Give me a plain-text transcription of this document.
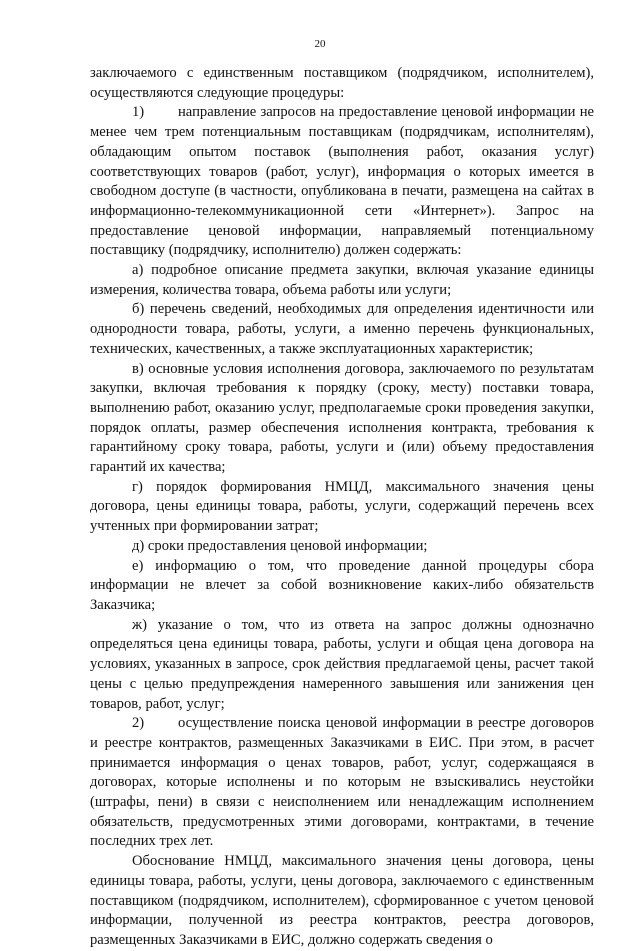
20

заключаемого с единственным поставщиком (подрядчиком, исполнителем), осуществляются следующие процедуры:

1) направление запросов на предоставление ценовой информации не менее чем трем потенциальным поставщикам (подрядчикам, исполнителям), обладающим опытом поставок (выполнения работ, оказания услуг) соответствующих товаров (работ, услуг), информация о которых имеется в свободном доступе (в частности, опубликована в печати, размещена на сайтах в информационно-телекоммуникационной сети «Интернет»). Запрос на предоставление ценовой информации, направляемый потенциальному поставщику (подрядчику, исполнителю) должен содержать:

а) подробное описание предмета закупки, включая указание единицы измерения, количества товара, объема работы или услуги;

б) перечень сведений, необходимых для определения идентичности или однородности товара, работы, услуги, а именно перечень функциональных, технических, качественных, а также эксплуатационных характеристик;

в) основные условия исполнения договора, заключаемого по результатам закупки, включая требования к порядку (сроку, месту) поставки товара, выполнению работ, оказанию услуг, предполагаемые сроки проведения закупки, порядок оплаты, размер обеспечения исполнения контракта, требования к гарантийному сроку товара, работы, услуги и (или) объему предоставления гарантий их качества;

г) порядок формирования НМЦД, максимального значения цены договора, цены единицы товара, работы, услуги, содержащий перечень всех учтенных при формировании затрат;

д) сроки предоставления ценовой информации;

е) информацию о том, что проведение данной процедуры сбора информации не влечет за собой возникновение каких-либо обязательств Заказчика;

ж) указание о том, что из ответа на запрос должны однозначно определяться цена единицы товара, работы, услуги и общая цена договора на условиях, указанных в запросе, срок действия предлагаемой цены, расчет такой цены с целью предупреждения намеренного завышения или занижения цен товаров, работ, услуг;

2) осуществление поиска ценовой информации в реестре договоров и реестре контрактов, размещенных Заказчиками в ЕИС. При этом, в расчет принимается информация о ценах товаров, работ, услуг, содержащаяся в договорах, которые исполнены и по которым не взыскивались неустойки (штрафы, пени) в связи с неисполнением или ненадлежащим исполнением обязательств, предусмотренных этими договорами, контрактами, в течение последних трех лет.

Обоснование НМЦД, максимального значения цены договора, цены единицы товара, работы, услуги, цены договора, заключаемого с единственным поставщиком (подрядчиком, исполнителем), сформированное с учетом ценовой информации, полученной из реестра контрактов, реестра договоров, размещенных Заказчиками в ЕИС, должно содержать сведения о
